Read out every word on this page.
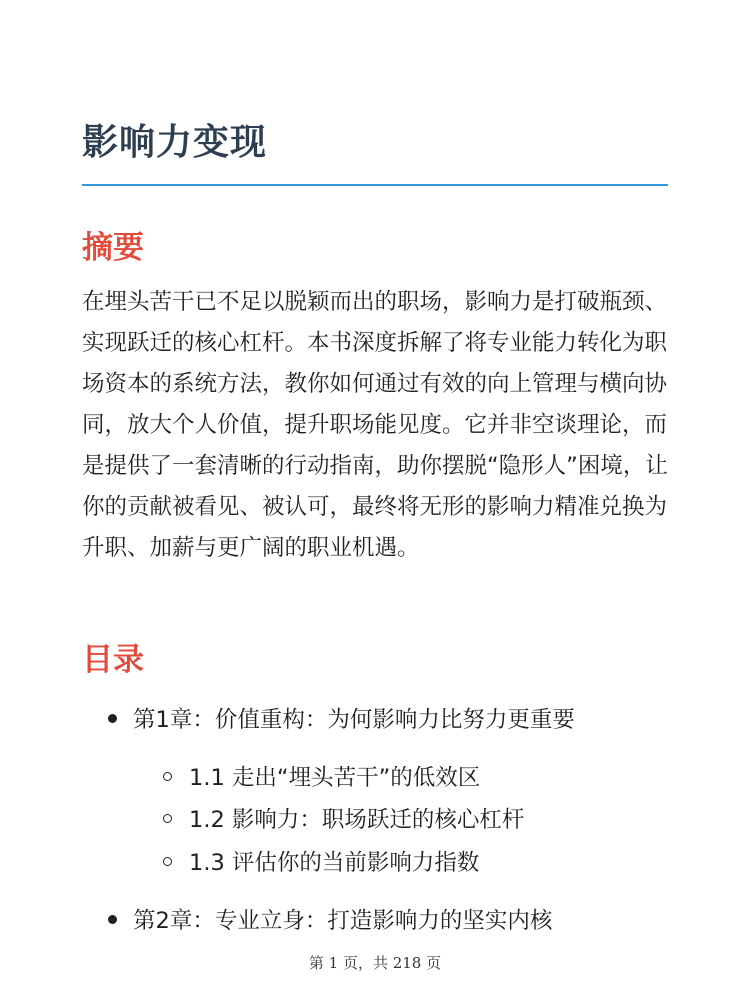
影响力变现
摘要

在埋头苦干已不足以脱颖而出的职场，影响力是打破瓶颈、实现跃迁的核心杠杆。本书深度拆解了将专业能力转化为职场资本的系统方法，教你如何通过有效的向上管理与横向协同，放大个人价值，提升职场能见度。它并非空谈理论，而是提供了一套清晰的行动指南，助你摆脱“隐形人”困境，让你的贡献被看见、被认可，最终将无形的影响力精准兑换为升职、加薪与更广阔的职业机遇。

目录
第1章：价值重构：为何影响力比努力更重要
1.1 走出“埋头苦干”的低效区
1.2 影响力：职场跃迁的核心杠杆
1.3 评估你的当前影响力指数
第2章：专业立身：打造影响力的坚实内核
第 1 页，共 218 页
